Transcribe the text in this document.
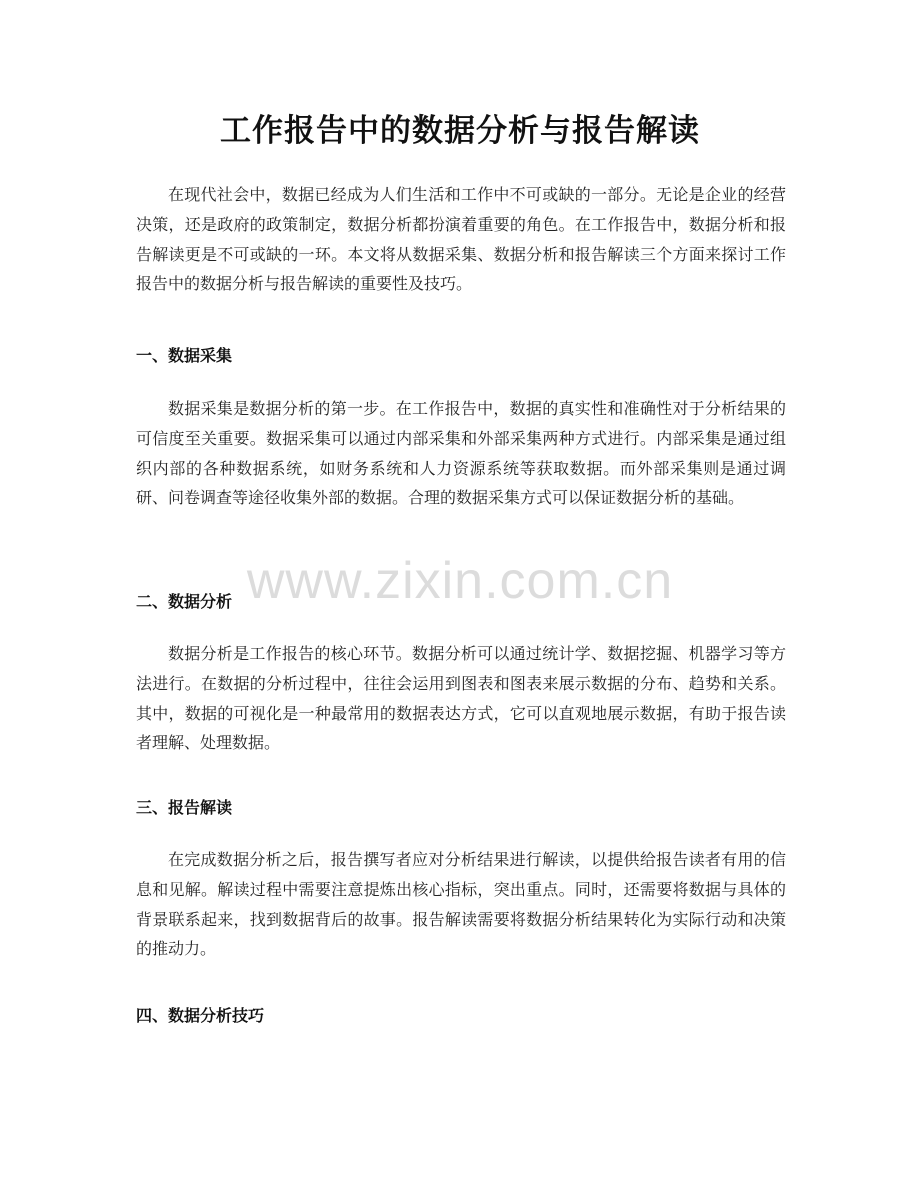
工作报告中的数据分析与报告解读

在现代社会中，数据已经成为人们生活和工作中不可或缺的一部分。无论是企业的经营决策，还是政府的政策制定，数据分析都扮演着重要的角色。在工作报告中，数据分析和报告解读更是不可或缺的一环。本文将从数据采集、数据分析和报告解读三个方面来探讨工作报告中的数据分析与报告解读的重要性及技巧。

一、数据采集

数据采集是数据分析的第一步。在工作报告中，数据的真实性和准确性对于分析结果的可信度至关重要。数据采集可以通过内部采集和外部采集两种方式进行。内部采集是通过组织内部的各种数据系统，如财务系统和人力资源系统等获取数据。而外部采集则是通过调研、问卷调查等途径收集外部的数据。合理的数据采集方式可以保证数据分析的基础。

二、数据分析

数据分析是工作报告的核心环节。数据分析可以通过统计学、数据挖掘、机器学习等方法进行。在数据的分析过程中，往往会运用到图表和图表来展示数据的分布、趋势和关系。其中，数据的可视化是一种最常用的数据表达方式，它可以直观地展示数据，有助于报告读者理解、处理数据。

三、报告解读

在完成数据分析之后，报告撰写者应对分析结果进行解读，以提供给报告读者有用的信息和见解。解读过程中需要注意提炼出核心指标，突出重点。同时，还需要将数据与具体的背景联系起来，找到数据背后的故事。报告解读需要将数据分析结果转化为实际行动和决策的推动力。

四、数据分析技巧
www.zixin.com.cn
